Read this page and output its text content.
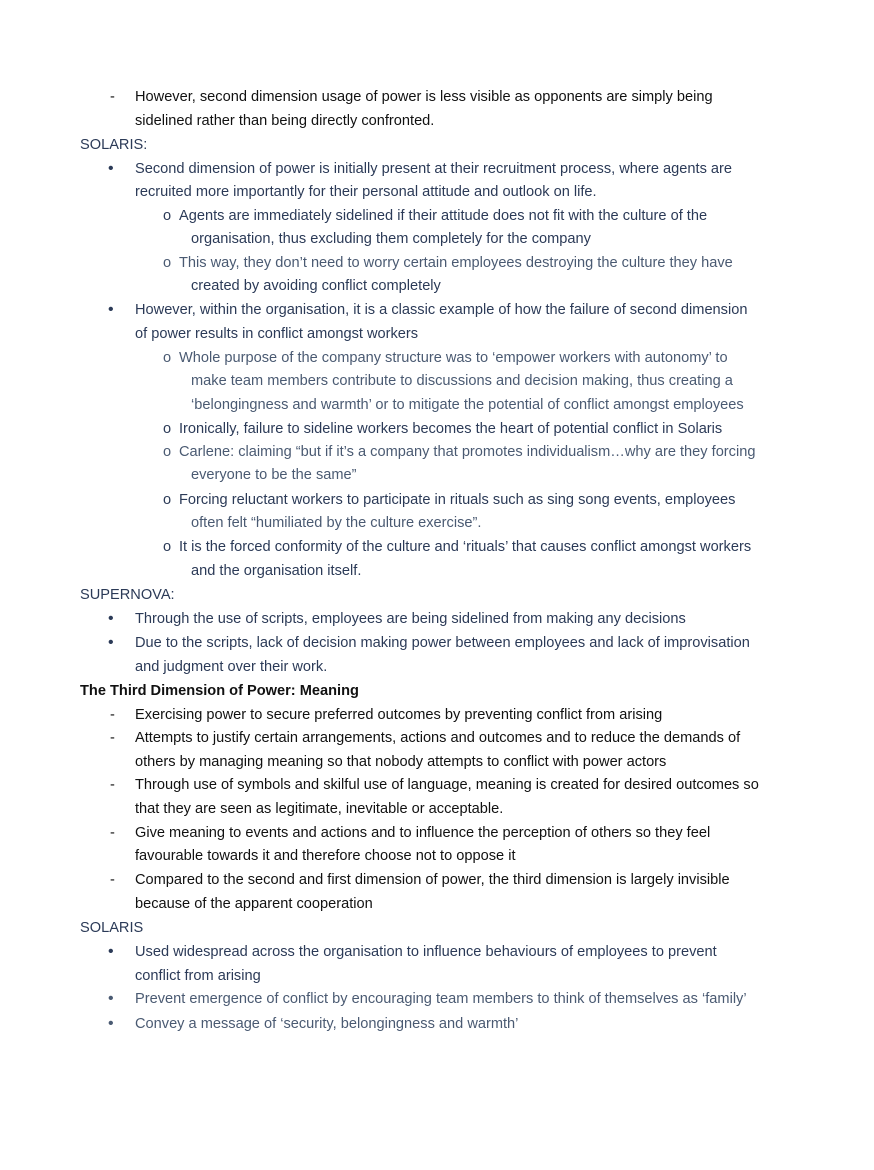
- However, second dimension usage of power is less visible as opponents are simply being
sidelined rather than being directly confronted.
SOLARIS:
• Second dimension of power is initially present at their recruitment process, where agents are
recruited more importantly for their personal attitude and outlook on life.
o Agents are immediately sidelined if their attitude does not fit with the culture of the
organisation, thus excluding them completely for the company
o This way, they don’t need to worry certain employees destroying the culture they have
created by avoiding conflict completely
• However, within the organisation, it is a classic example of how the failure of second dimension
of power results in conflict amongst workers
o Whole purpose of the company structure was to ‘empower workers with autonomy’ to
make team members contribute to discussions and decision making, thus creating a
‘belongingness and warmth’ or to mitigate the potential of conflict amongst employees
o Ironically, failure to sideline workers becomes the heart of potential conflict in Solaris
o Carlene: claiming “but if it’s a company that promotes individualism…why are they forcing
everyone to be the same”
o Forcing reluctant workers to participate in rituals such as sing song events, employees
often felt “humiliated by the culture exercise”.
o It is the forced conformity of the culture and ‘rituals’ that causes conflict amongst workers
and the organisation itself.
SUPERNOVA:
• Through the use of scripts, employees are being sidelined from making any decisions
• Due to the scripts, lack of decision making power between employees and lack of improvisation
and judgment over their work.
The Third Dimension of Power: Meaning
- Exercising power to secure preferred outcomes by preventing conflict from arising
- Attempts to justify certain arrangements, actions and outcomes and to reduce the demands of
others by managing meaning so that nobody attempts to conflict with power actors
- Through use of symbols and skilful use of language, meaning is created for desired outcomes so
that they are seen as legitimate, inevitable or acceptable.
- Give meaning to events and actions and to influence the perception of others so they feel
favourable towards it and therefore choose not to oppose it
- Compared to the second and first dimension of power, the third dimension is largely invisible
because of the apparent cooperation
SOLARIS
• Used widespread across the organisation to influence behaviours of employees to prevent
conflict from arising
• Prevent emergence of conflict by encouraging team members to think of themselves as ‘family’
• Convey a message of ‘security, belongingness and warmth’
